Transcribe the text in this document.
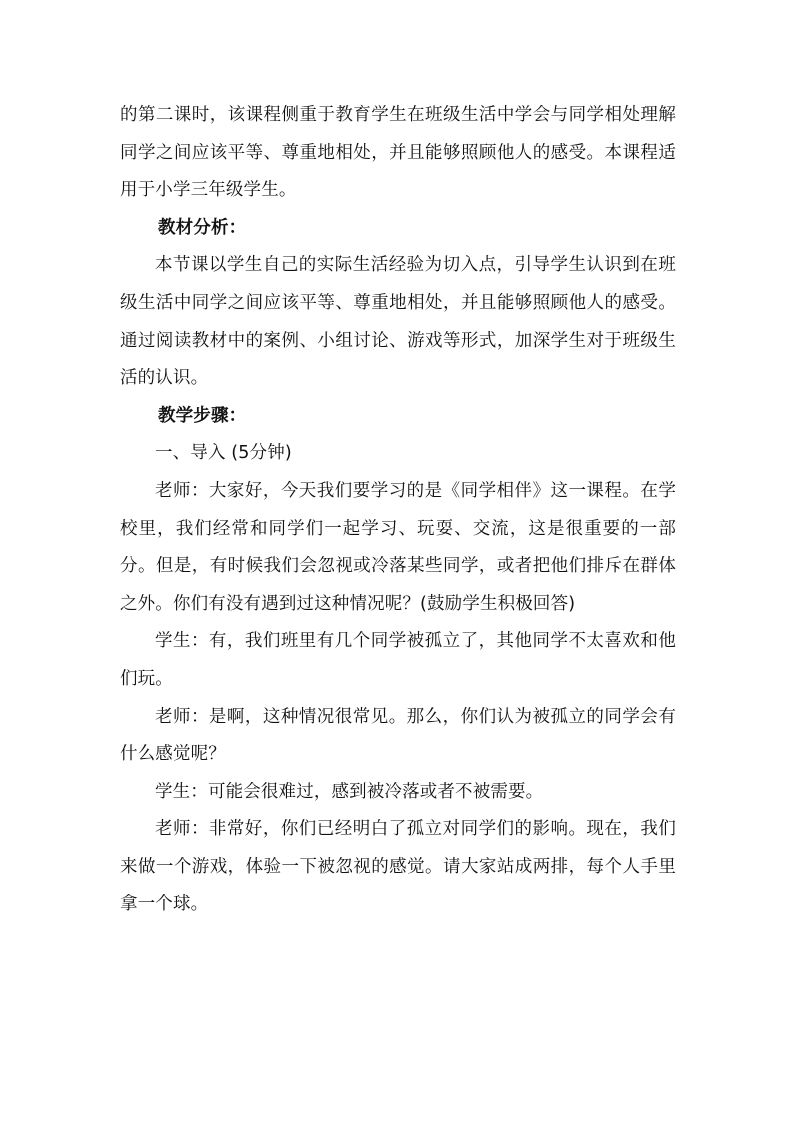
的第二课时，该课程侧重于教育学生在班级生活中学会与同学相处理解同学之间应该平等、尊重地相处，并且能够照顾他人的感受。本课程适用于小学三年级学生。

教材分析：

本节课以学生自己的实际生活经验为切入点，引导学生认识到在班级生活中同学之间应该平等、尊重地相处，并且能够照顾他人的感受。通过阅读教材中的案例、小组讨论、游戏等形式，加深学生对于班级生活的认识。

教学步骤：

一、导入 (5分钟)

老师：大家好，今天我们要学习的是《同学相伴》这一课程。在学校里，我们经常和同学们一起学习、玩耍、交流，这是很重要的一部分。但是，有时候我们会忽视或冷落某些同学，或者把他们排斥在群体之外。你们有没有遇到过这种情况呢？(鼓励学生积极回答)

学生：有，我们班里有几个同学被孤立了，其他同学不太喜欢和他们玩。

老师：是啊，这种情况很常见。那么，你们认为被孤立的同学会有什么感觉呢？

学生：可能会很难过，感到被冷落或者不被需要。

老师：非常好，你们已经明白了孤立对同学们的影响。现在，我们来做一个游戏，体验一下被忽视的感觉。请大家站成两排，每个人手里拿一个球。
